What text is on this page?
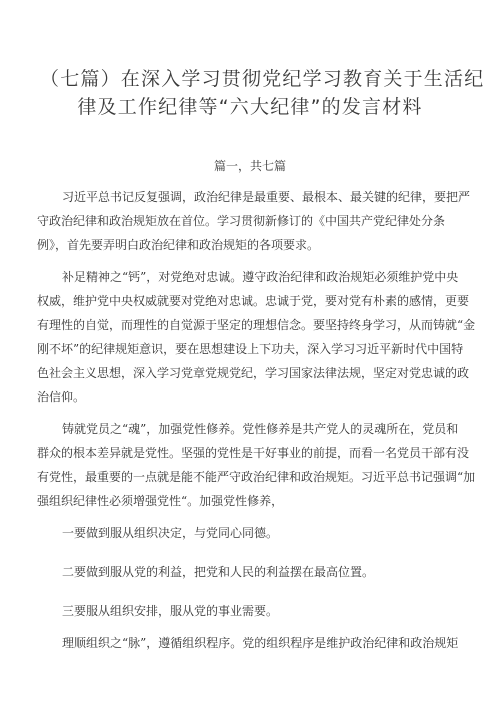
（七篇）在深入学习贯彻党纪学习教育关于生活纪
律及工作纪律等“六大纪律”的发言材料
篇一，共七篇
习近平总书记反复强调，政治纪律是最重要、最根本、最关键的纪律，要把严
守政治纪律和政治规矩放在首位。学习贯彻新修订的《中国共产党纪律处分条
例》，首先要弄明白政治纪律和政治规矩的各项要求。
补足精神之“钙”，对党绝对忠诚。遵守政治纪律和政治规矩必须维护党中央
权威，维护党中央权威就要对党绝对忠诚。忠诚于党，要对党有朴素的感情，更要
有理性的自觉，而理性的自觉源于坚定的理想信念。要坚持终身学习，从而铸就“金
刚不坏”的纪律规矩意识，要在思想建设上下功夫，深入学习习近平新时代中国特
色社会主义思想，深入学习党章党规党纪，学习国家法律法规，坚定对党忠诚的政
治信仰。
铸就党员之“魂”，加强党性修养。党性修养是共产党人的灵魂所在，党员和
群众的根本差异就是党性。坚强的党性是干好事业的前提，而看一名党员干部有没
有党性，最重要的一点就是能不能严守政治纪律和政治规矩。习近平总书记强调“加
强组织纪律性必须增强党性“。加强党性修养，
一要做到服从组织决定，与党同心同德。
二要做到服从党的利益，把党和人民的利益摆在最高位置。
三要服从组织安排，服从党的事业需要。
理顺组织之“脉”，遵循组织程序。党的组织程序是维护政治纪律和政治规矩
